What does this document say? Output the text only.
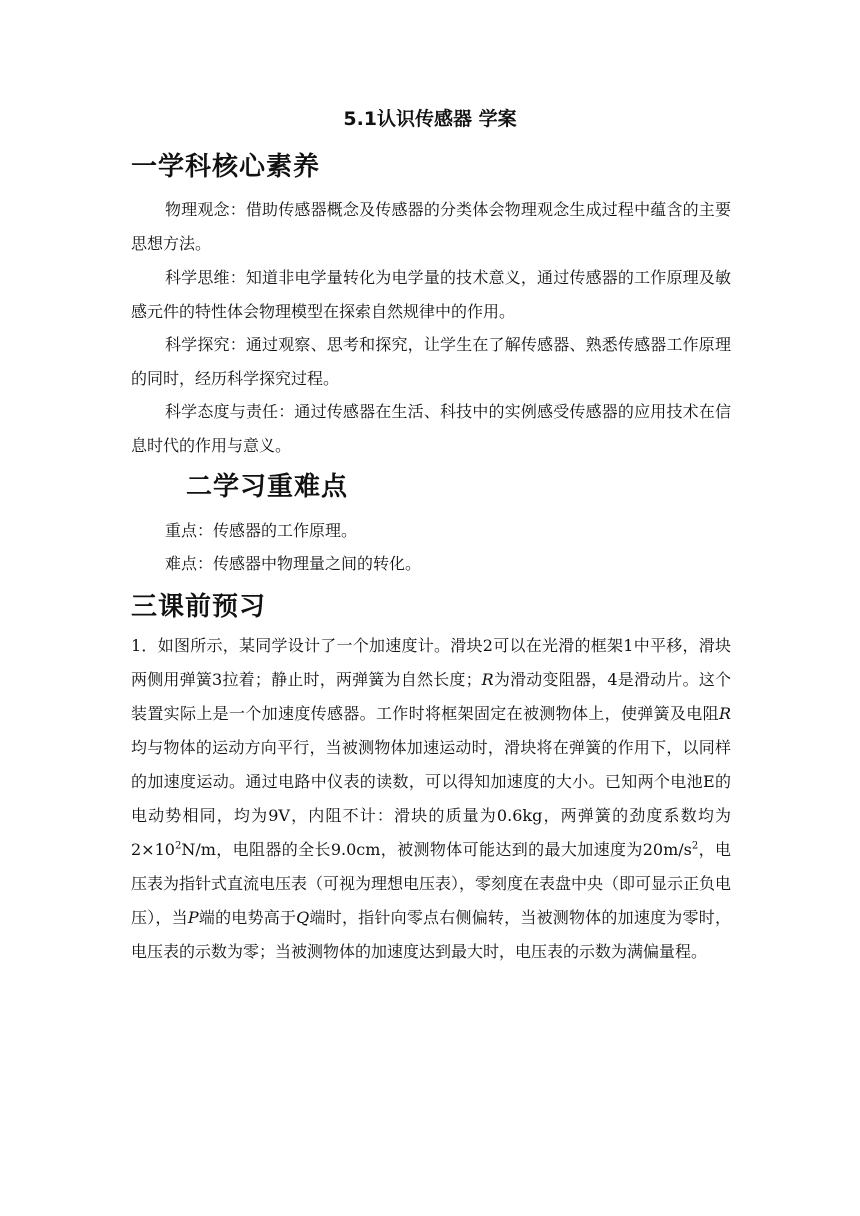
5.1认识传感器 学案
一学科核心素养
物理观念：借助传感器概念及传感器的分类体会物理观念生成过程中蕴含的主要思想方法。
科学思维：知道非电学量转化为电学量的技术意义，通过传感器的工作原理及敏感元件的特性体会物理模型在探索自然规律中的作用。
科学探究：通过观察、思考和探究，让学生在了解传感器、熟悉传感器工作原理的同时，经历科学探究过程。
科学态度与责任：通过传感器在生活、科技中的实例感受传感器的应用技术在信息时代的作用与意义。
二学习重难点
重点：传感器的工作原理。
难点：传感器中物理量之间的转化。
三课前预习
1．如图所示，某同学设计了一个加速度计。滑块2可以在光滑的框架1中平移，滑块两侧用弹簧3拉着；静止时，两弹簧为自然长度；R为滑动变阻器，4是滑动片。这个装置实际上是一个加速度传感器。工作时将框架固定在被测物体上，使弹簧及电阻R均与物体的运动方向平行，当被测物体加速运动时，滑块将在弹簧的作用下，以同样的加速度运动。通过电路中仪表的读数，可以得知加速度的大小。已知两个电池E的电动势相同，均为9V，内阻不计：滑块的质量为0.6kg，两弹簧的劲度系数均为$2\times 10^2N/m$，电阻器的全长9.0cm，被测物体可能达到的最大加速度为$20m/s^2$，电压表为指针式直流电压表（可视为理想电压表），零刻度在表盘中央（即可显示正负电压），当P端的电势高于Q端时，指针向零点右侧偏转，当被测物体的加速度为零时，电压表的示数为零；当被测物体的加速度达到最大时，电压表的示数为满偏量程。
